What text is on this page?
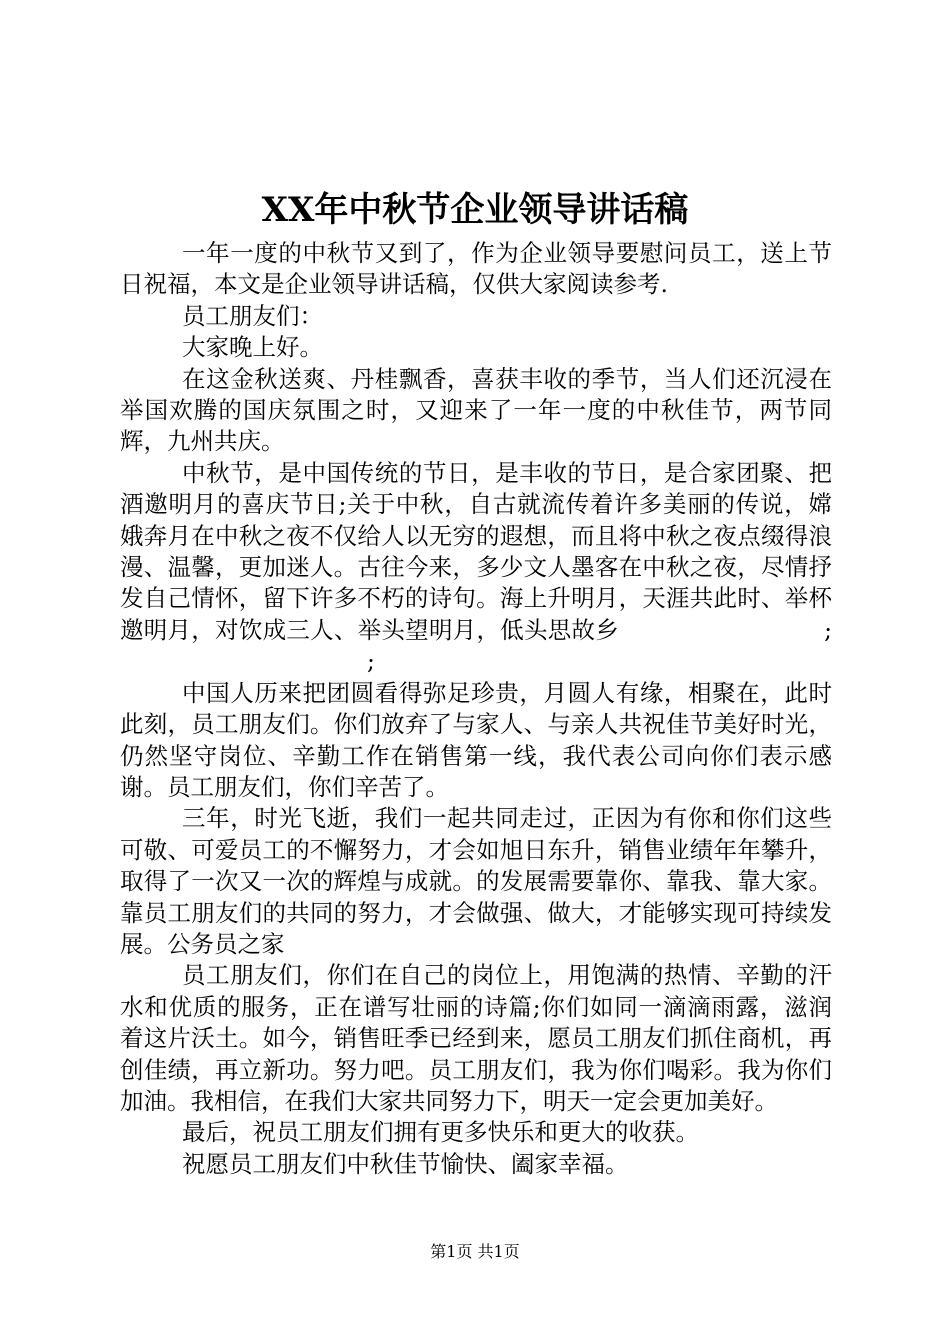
XX年中秋节企业领导讲话稿

一年一度的中秋节又到了，作为企业领导要慰问员工，送上节日祝福，本文是企业领导讲话稿，仅供大家阅读参考.

员工朋友们：

大家晚上好。

在这金秋送爽、丹桂飘香，喜获丰收的季节，当人们还沉浸在举国欢腾的国庆氛围之时，又迎来了一年一度的中秋佳节，两节同辉，九州共庆。

中秋节，是中国传统的节日，是丰收的节日，是合家团聚、把酒邀明月的喜庆节日;关于中秋，自古就流传着许多美丽的传说，嫦娥奔月在中秋之夜不仅给人以无穷的遐想，而且将中秋之夜点缀得浪漫、温馨，更加迷人。古往今来，多少文人墨客在中秋之夜，尽情抒发自己情怀，留下许多不朽的诗句。海上升明月，天涯共此时、举杯邀明月，对饮成三人、举头望明月，低头思故乡	;;

中国人历来把团圆看得弥足珍贵，月圆人有缘，相聚在，此时此刻，员工朋友们。你们放弃了与家人、与亲人共祝佳节美好时光，仍然坚守岗位、辛勤工作在销售第一线，我代表公司向你们表示感谢。员工朋友们，你们辛苦了。

三年，时光飞逝，我们一起共同走过，正因为有你和你们这些可敬、可爱员工的不懈努力，才会如旭日东升，销售业绩年年攀升，取得了一次又一次的辉煌与成就。的发展需要靠你、靠我、靠大家。靠员工朋友们的共同的努力，才会做强、做大，才能够实现可持续发展。公务员之家

员工朋友们，你们在自己的岗位上，用饱满的热情、辛勤的汗水和优质的服务，正在谱写壮丽的诗篇;你们如同一滴滴雨露，滋润着这片沃土。如今，销售旺季已经到来，愿员工朋友们抓住商机，再创佳绩，再立新功。努力吧。员工朋友们，我为你们喝彩。我为你们加油。我相信，在我们大家共同努力下，明天一定会更加美好。

最后，祝员工朋友们拥有更多快乐和更大的收获。

祝愿员工朋友们中秋佳节愉快、阖家幸福。

第1页 共1页
